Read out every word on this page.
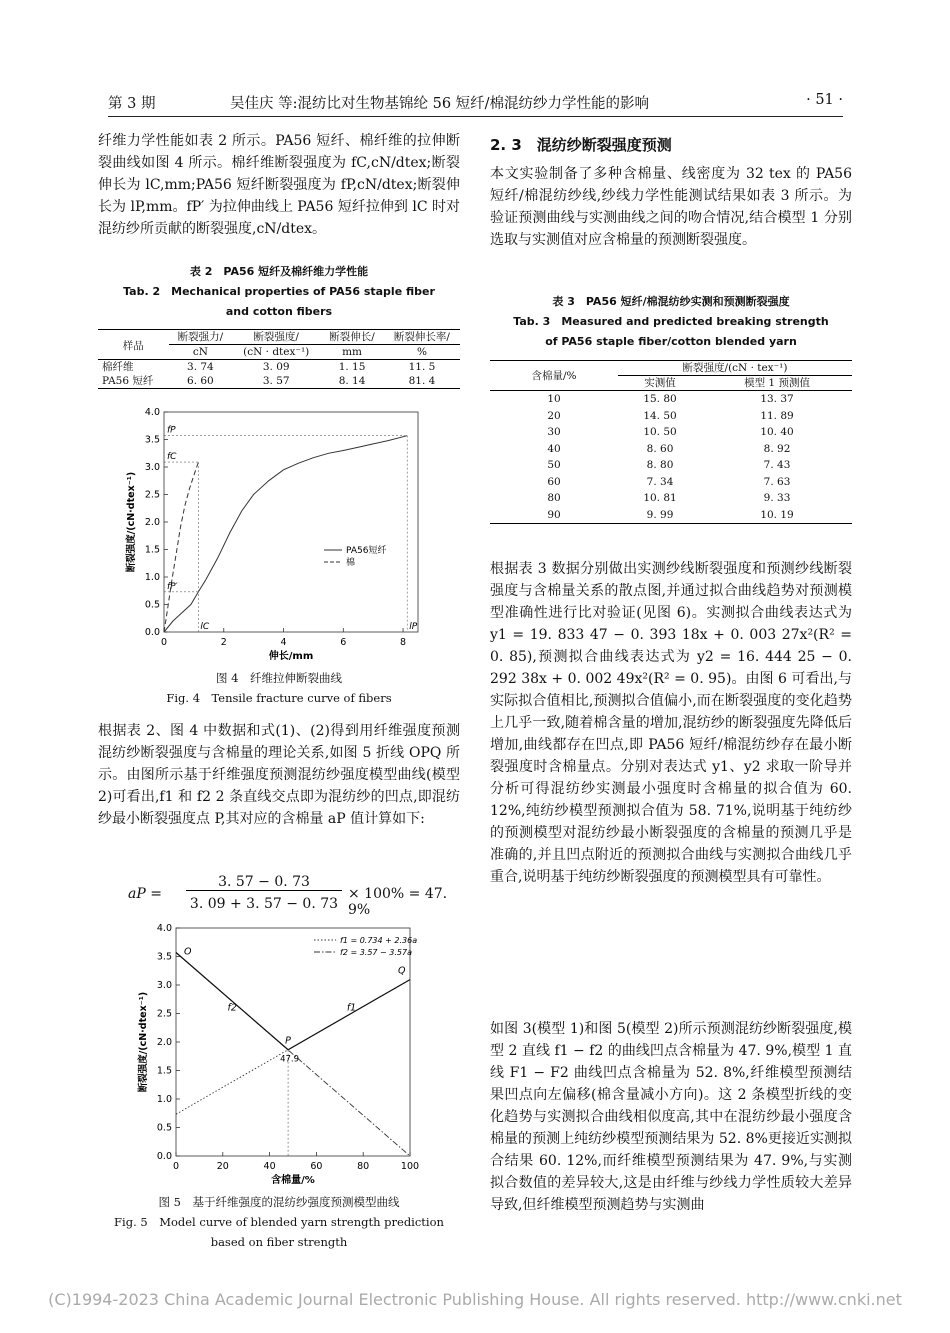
第 3 期	吴佳庆 等:混纺比对生物基锦纶 56 短纤/棉混纺纱力学性能的影响	· 51 ·
纤维力学性能如表 2 所示。PA56 短纤、棉纤维的拉伸断裂曲线如图 4 所示。棉纤维断裂强度为 fC,cN/dtex;断裂伸长为 lC,mm;PA56 短纤断裂强度为 fP,cN/dtex;断裂伸长为 lP,mm。fP′ 为拉伸曲线上 PA56 短纤拉伸到 lC 时对混纺纱所贡献的断裂强度,cN/dtex。
表 2　PA56 短纤及棉纤维力学性能
Tab. 2　Mechanical properties of PA56 staple fiber
and cotton fibers
样品	断裂强力/	断裂强度/	断裂伸长/	断裂伸长率/
	cN	(cN · dtex⁻¹)	mm	%
棉纤维	3. 74	3. 09	1. 15	11. 5
PA56 短纤	6. 60	3. 57	8. 14	81. 4
0	2	4	6	8
0.0
0.5
1.0
1.5
2.0
2.5
3.0
3.5
4.0
伸长/mm
断裂强度/(cN·dtex⁻¹)
fP
fC
fP′
lC	lP
PA56短纤
棉
图 4　纤维拉伸断裂曲线
Fig. 4　Tensile fracture curve of fibers
根据表 2、图 4 中数据和式(1)、(2)得到用纤维强度预测混纺纱断裂强度与含棉量的理论关系,如图 5 折线 OPQ 所示。由图所示基于纤维强度预测混纺纱强度模型曲线(模型 2)可看出,f1 和 f2 2 条直线交点即为混纺纱的凹点,即混纺纱最小断裂强度点 P,其对应的含棉量 aP 值计算如下:
aP =
3. 57 − 0. 73
3. 09 + 3. 57 − 0. 73
× 100% = 47. 9%
0	20	40	60	80	100
0.0
0.5
1.0
1.5
2.0
2.5
3.0
3.5
4.0
含棉量/%
断裂强度/(cN·dtex⁻¹)
O
P
Q
f1
f2
47.9
f1 = 0.734 + 2.36a
f2 = 3.57 − 3.57a
图 5　基于纤维强度的混纺纱强度预测模型曲线
Fig. 5　Model curve of blended yarn strength prediction
based on fiber strength
2. 3　混纺纱断裂强度预测
本文实验制备了多种含棉量、线密度为 32 tex 的 PA56 短纤/棉混纺纱线,纱线力学性能测试结果如表 3 所示。为验证预测曲线与实测曲线之间的吻合情况,结合模型 1 分别选取与实测值对应含棉量的预测断裂强度。
表 3　PA56 短纤/棉混纺纱实测和预测断裂强度
Tab. 3　Measured and predicted breaking strength
of PA56 staple fiber/cotton blended yarn
含棉量/%	断裂强度/(cN · tex⁻¹)	
	实测值	模型 1 预测值
10	15. 80	13. 37
20	14. 50	11. 89
30	10. 50	10. 40
40	8. 60	8. 92
50	8. 80	7. 43
60	7. 34	7. 63
80	10. 81	9. 33
90	9. 99	10. 19
根据表 3 数据分别做出实测纱线断裂强度和预测纱线断裂强度与含棉量关系的散点图,并通过拟合曲线趋势对预测模型准确性进行比对验证(见图 6)。实测拟合曲线表达式为 y1 = 19. 833 47 − 0. 393 18x + 0. 003 27x²(R² = 0. 85),预测拟合曲线表达式为 y2 = 16. 444 25 − 0. 292 38x + 0. 002 49x²(R² = 0. 95)。由图 6 可看出,与实际拟合值相比,预测拟合值偏小,而在断裂强度的变化趋势上几乎一致,随着棉含量的增加,混纺纱的断裂强度先降低后增加,曲线都存在凹点,即 PA56 短纤/棉混纺纱存在最小断裂强度时含棉量点。分别对表达式 y1、y2 求取一阶导并分析可得混纺纱实测最小强度时含棉量的拟合值为 60. 12%,纯纺纱模型预测拟合值为 58. 71%,说明基于纯纺纱的预测模型对混纺纱最小断裂强度的含棉量的预测几乎是准确的,并且凹点附近的预测拟合曲线与实测拟合曲线几乎重合,说明基于纯纺纱断裂强度的预测模型具有可靠性。
如图 3(模型 1)和图 5(模型 2)所示预测混纺纱断裂强度,模型 2 直线 f1 − f2 的曲线凹点含棉量为 47. 9%,模型 1 直线 F1 − F2 曲线凹点含棉量为 52. 8%,纤维模型预测结果凹点向左偏移(棉含量减小方向)。这 2 条模型折线的变化趋势与实测拟合曲线相似度高,其中在混纺纱最小强度含棉量的预测上纯纺纱模型预测结果为 52. 8%更接近实测拟合结果 60. 12%,而纤维模型预测结果为 47. 9%,与实测拟合数值的差异较大,这是由纤维与纱线力学性质较大差异导致,但纤维模型预测趋势与实测曲
(C)1994-2023 China Academic Journal Electronic Publishing House. All rights reserved. http://www.cnki.net
